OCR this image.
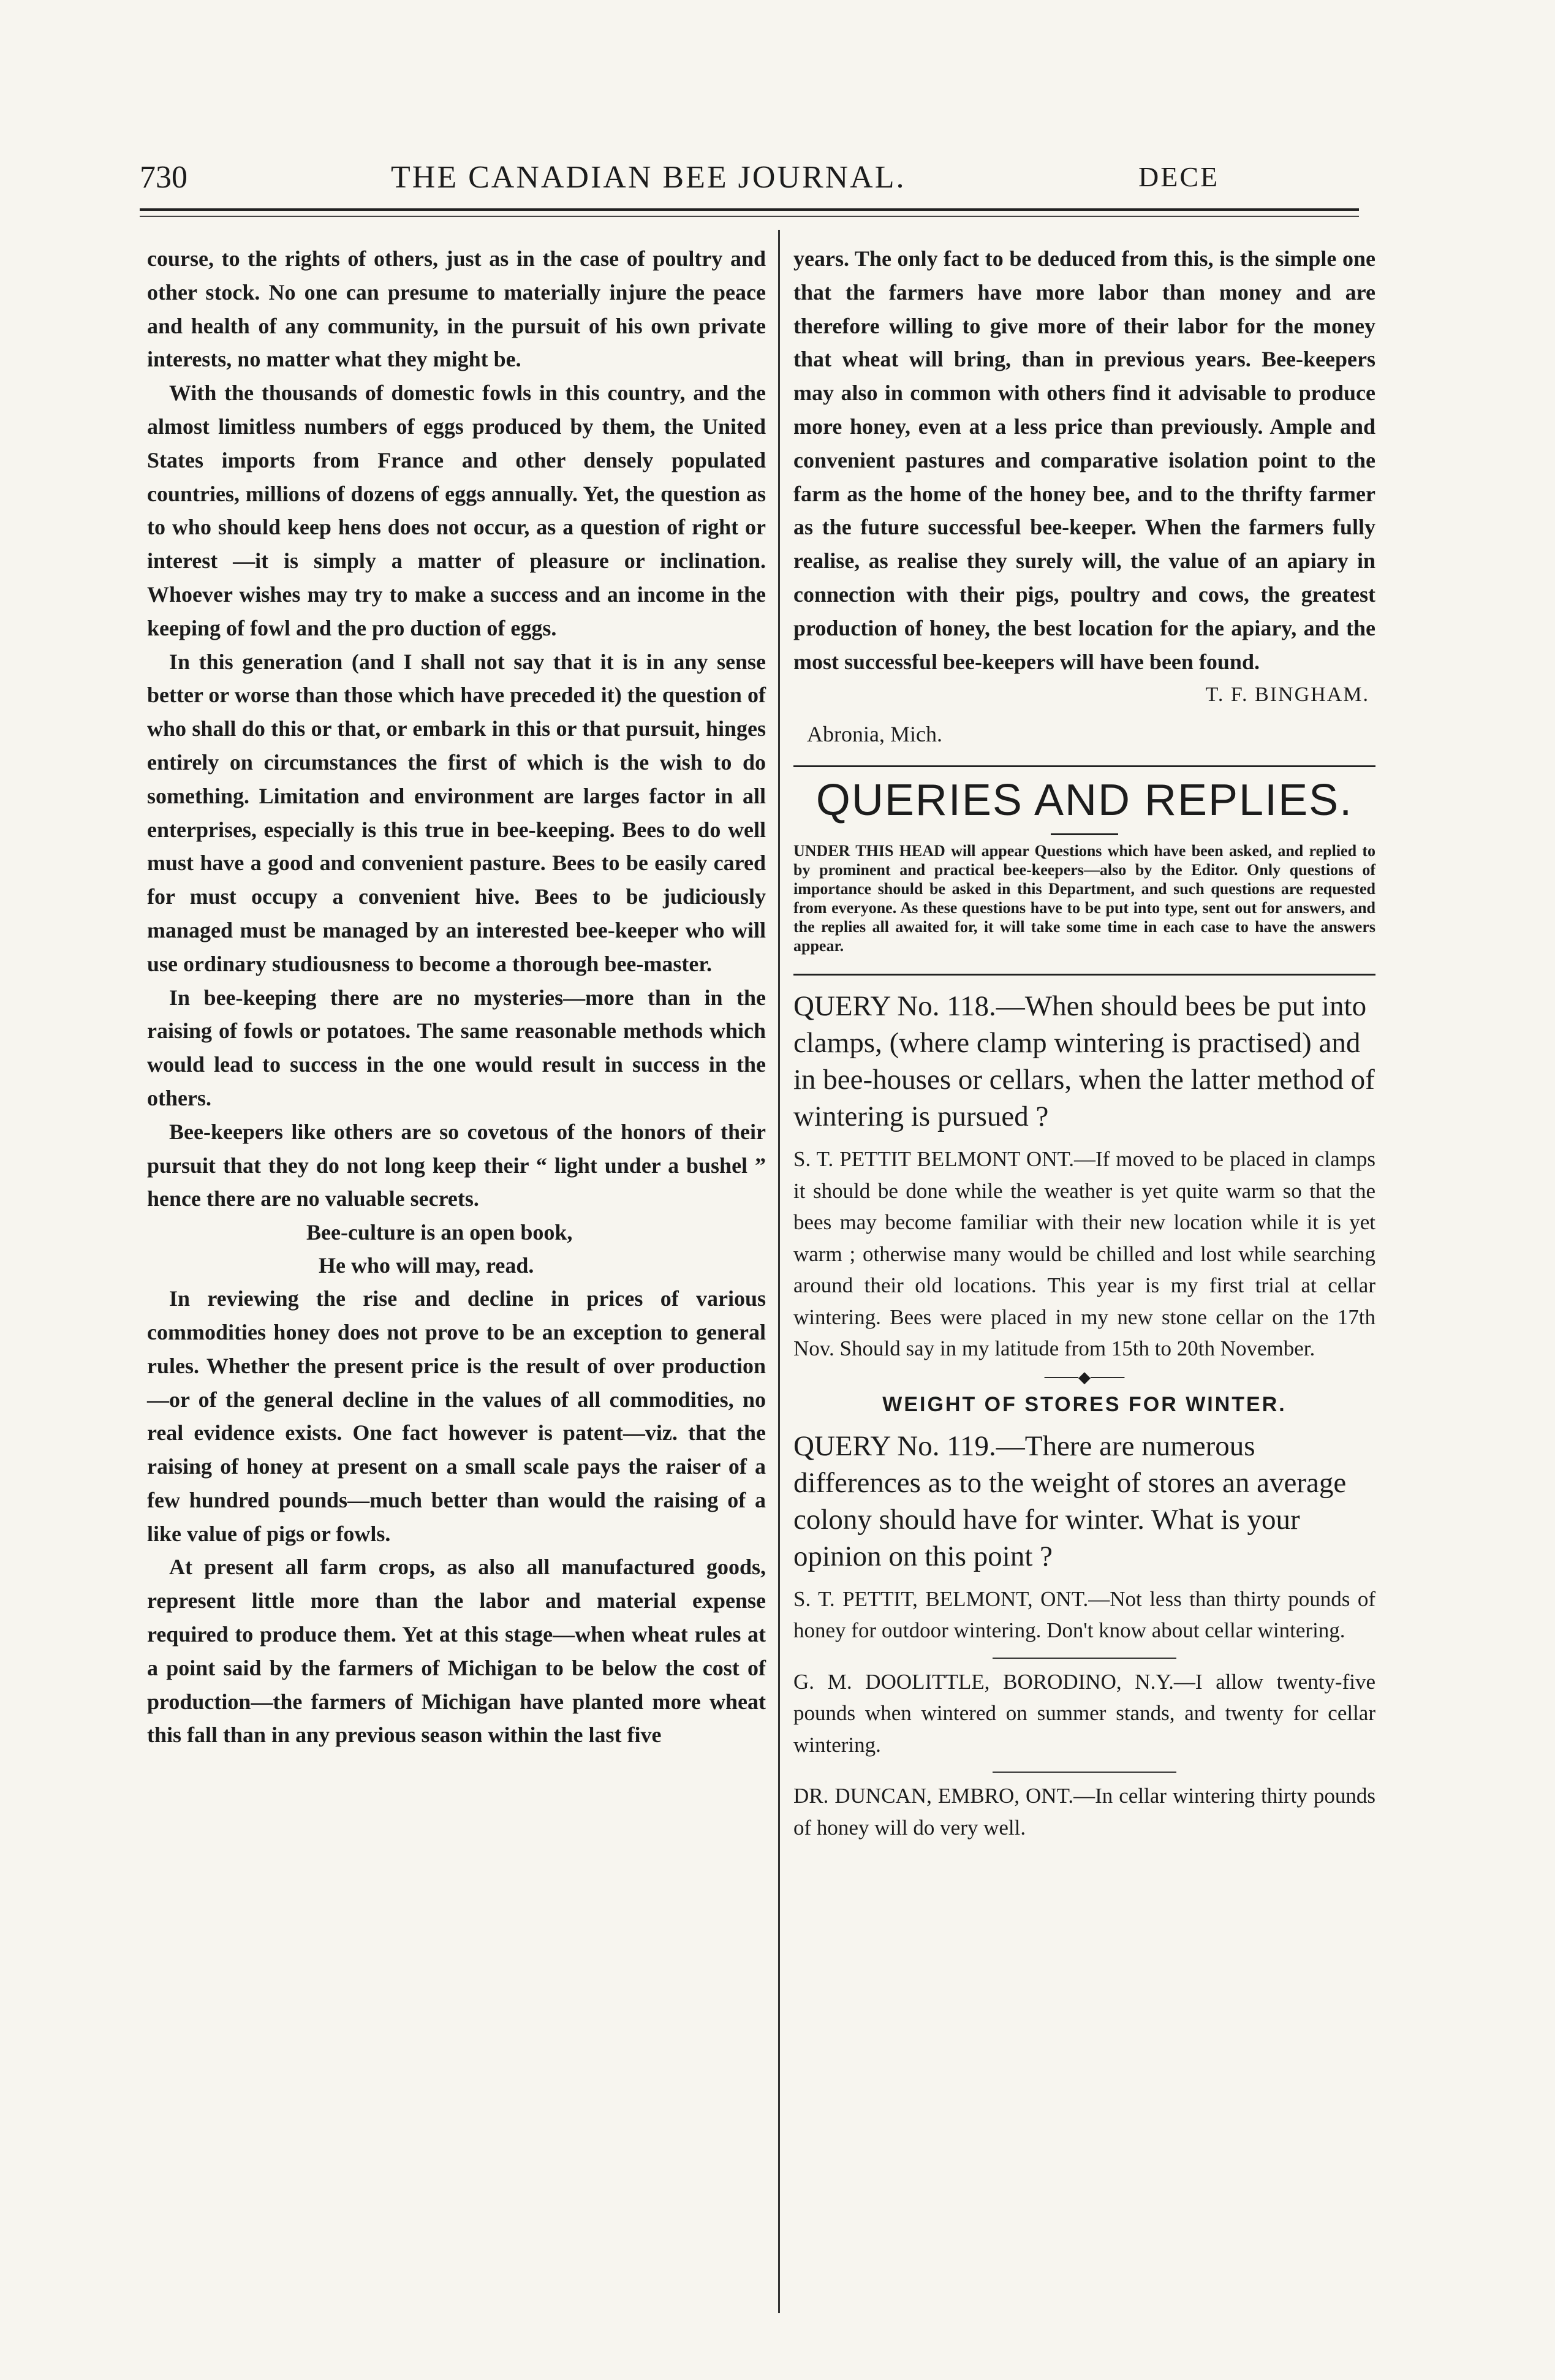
730	THE CANADIAN BEE JOURNAL.	DECE

course, to the rights of others, just as in the case of poultry and other stock. No one can presume to materially injure the peace and health of any community, in the pursuit of his own private interests, no matter what they might be.

With the thousands of domestic fowls in this country, and the almost limitless numbers of eggs produced by them, the United States imports from France and other densely populated countries, millions of dozens of eggs annually. Yet, the question as to who should keep hens does not occur, as a question of right or interest —it is simply a matter of pleasure or inclination. Whoever wishes may try to make a success and an income in the keeping of fowl and the pro duction of eggs.

In this generation (and I shall not say that it is in any sense better or worse than those which have preceded it) the question of who shall do this or that, or embark in this or that pursuit, hinges entirely on circumstances the first of which is the wish to do something. Limitation and environment are larges factor in all enterprises, especially is this true in bee-keeping. Bees to do well must have a good and convenient pasture. Bees to be easily cared for must occupy a convenient hive. Bees to be judiciously managed must be managed by an interested bee-keeper who will use ordinary studiousness to become a thorough bee-master.

In bee-keeping there are no mysteries—more than in the raising of fowls or potatoes. The same reasonable methods which would lead to success in the one would result in success in the others.

Bee-keepers like others are so covetous of the honors of their pursuit that they do not long keep their “ light under a bushel ” hence there are no valuable secrets.

Bee-culture is an open book,
He who will may, read.

In reviewing the rise and decline in prices of various commodities honey does not prove to be an exception to general rules. Whether the present price is the result of over production—or of the general decline in the values of all commodities, no real evidence exists. One fact however is patent—viz. that the raising of honey at present on a small scale pays the raiser of a few hundred pounds—much better than would the raising of a like value of pigs or fowls.

At present all farm crops, as also all manufactured goods, represent little more than the labor and material expense required to produce them. Yet at this stage—when wheat rules at a point said by the farmers of Michigan to be below the cost of production—the farmers of Michigan have planted more wheat this fall than in any previous season within the last five

years. The only fact to be deduced from this, is the simple one that the farmers have more labor than money and are therefore willing to give more of their labor for the money that wheat will bring, than in previous years. Bee-keepers may also in common with others find it advisable to produce more honey, even at a less price than previously. Ample and convenient pastures and comparative isolation point to the farm as the home of the honey bee, and to the thrifty farmer as the future successful bee-keeper. When the farmers fully realise, as realise they surely will, the value of an apiary in connection with their pigs, poultry and cows, the greatest production of honey, the best location for the apiary, and the most successful bee-keepers will have been found.

T. F. BINGHAM.
Abronia, Mich.
QUERIES AND REPLIES.
UNDER THIS HEAD will appear Questions which have been asked, and replied to by prominent and practical bee-keepers—also by the Editor. Only questions of importance should be asked in this Department, and such questions are requested from everyone. As these questions have to be put into type, sent out for answers, and the replies all awaited for, it will take some time in each case to have the answers appear.
QUERY No. 118.—When should bees be put into clamps, (where clamp wintering is practised) and in bee-houses or cellars, when the latter method of wintering is pursued ?
S. T. PETTIT BELMONT ONT.—If moved to be placed in clamps it should be done while the weather is yet quite warm so that the bees may become familiar with their new location while it is yet warm ; otherwise many would be chilled and lost while searching around their old locations. This year is my first trial at cellar wintering. Bees were placed in my new stone cellar on the 17th Nov. Should say in my latitude from 15th to 20th November.
───◆───
WEIGHT OF STORES FOR WINTER.
QUERY No. 119.—There are numerous differences as to the weight of stores an average colony should have for winter. What is your opinion on this point ?
S. T. PETTIT, BELMONT, ONT.—Not less than thirty pounds of honey for outdoor wintering. Don't know about cellar wintering.
G. M. DOOLITTLE, BORODINO, N.Y.—I allow twenty-five pounds when wintered on summer stands, and twenty for cellar wintering.
DR. DUNCAN, EMBRO, ONT.—In cellar wintering thirty pounds of honey will do very well.
